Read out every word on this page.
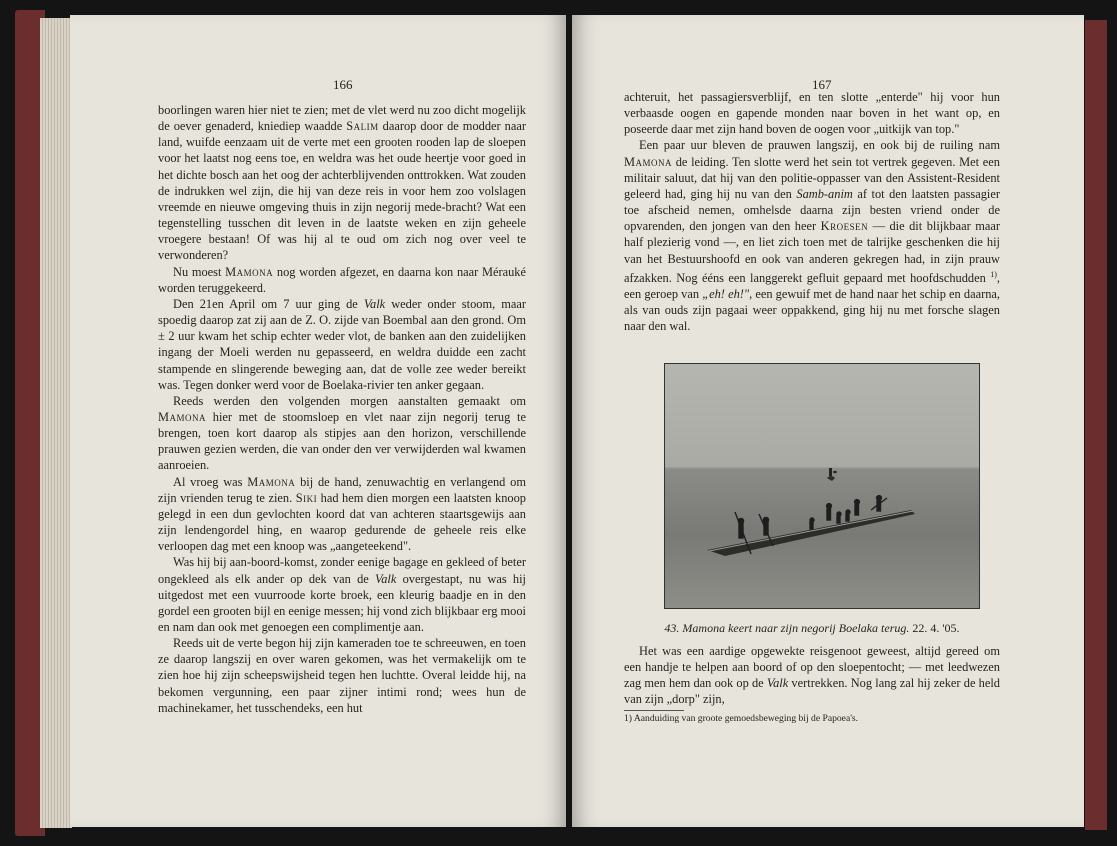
166

boorlingen waren hier niet te zien; met de vlet werd nu zoo dicht mogelijk de oever genaderd, kniediep waadde Salim daarop door de modder naar land, wuifde eenzaam uit de verte met een grooten rooden lap de sloepen voor het laatst nog eens toe, en weldra was het oude heertje voor goed in het dichte bosch aan het oog der achterblijvenden onttrokken. Wat zouden de indrukken wel zijn, die hij van deze reis in voor hem zoo volslagen vreemde en nieuwe omgeving thuis in zijn negorij mede-bracht? Wat een tegenstelling tusschen dit leven in de laatste weken en zijn geheele vroegere bestaan! Of was hij al te oud om zich nog over veel te verwonderen?

Nu moest Mamona nog worden afgezet, en daarna kon naar Mérauké worden teruggekeerd.

Den 21en April om 7 uur ging de Valk weder onder stoom, maar spoedig daarop zat zij aan de Z. O. zijde van Boembal aan den grond. Om ± 2 uur kwam het schip echter weder vlot, de banken aan den zuidelijken ingang der Moeli werden nu gepasseerd, en weldra duidde een zacht stampende en slingerende beweging aan, dat de volle zee weder bereikt was. Tegen donker werd voor de Boelaka-rivier ten anker gegaan.

Reeds werden den volgenden morgen aanstalten gemaakt om Mamona hier met de stoomsloep en vlet naar zijn negorij terug te brengen, toen kort daarop als stipjes aan den horizon, verschillende prauwen gezien werden, die van onder den ver verwijderden wal kwamen aanroeien.

Al vroeg was Mamona bij de hand, zenuwachtig en verlangend om zijn vrienden terug te zien. Siki had hem dien morgen een laatsten knoop gelegd in een dun gevlochten koord dat van achteren staartsgewijs aan zijn lendengordel hing, en waarop gedurende de geheele reis elke verloopen dag met een knoop was „aangeteekend".

Was hij bij aan-boord-komst, zonder eenige bagage en gekleed of beter ongekleed als elk ander op dek van de Valk overgestapt, nu was hij uitgedost met een vuurroode korte broek, een kleurig baadje en in den gordel een grooten bijl en eenige messen; hij vond zich blijkbaar erg mooi en nam dan ook met genoegen een complimentje aan.

Reeds uit de verte begon hij zijn kameraden toe te schreeuwen, en toen ze daarop langszij en over waren gekomen, was het vermakelijk om te zien hoe hij zijn scheepswijsheid tegen hen luchtte. Overal leidde hij, na bekomen vergunning, een paar zijner intimi rond; wees hun de machinekamer, het tusschendeks, een hut

167

achteruit, het passagiersverblijf, en ten slotte „enterde" hij voor hun verbaasde oogen en gapende monden naar boven in het want op, en poseerde daar met zijn hand boven de oogen voor „uitkijk van top."

Een paar uur bleven de prauwen langszij, en ook bij de ruiling nam Mamona de leiding. Ten slotte werd het sein tot vertrek gegeven. Met een militair saluut, dat hij van den politie-oppasser van den Assistent-Resident geleerd had, ging hij nu van den Samb-anim af tot den laatsten passagier toe afscheid nemen, omhelsde daarna zijn besten vriend onder de opvarenden, den jongen van den heer Kroesen — die dit blijkbaar maar half plezierig vond —, en liet zich toen met de talrijke geschenken die hij van het Bestuurshoofd en ook van anderen gekregen had, in zijn prauw afzakken. Nog ééns een langgerekt gefluit gepaard met hoofdschudden $^{1)}$, een geroep van „eh! eh!", een gewuif met de hand naar het schip en daarna, als van ouds zijn pagaai weer oppakkend, ging hij nu met forsche slagen naar den wal.

43. Mamona keert naar zijn negorij Boelaka terug. 22. 4. '05.

Het was een aardige opgewekte reisgenoot geweest, altijd gereed om een handje te helpen aan boord of op den sloepentocht; — met leedwezen zag men hem dan ook op de Valk vertrekken. Nog lang zal hij zeker de held van zijn „dorp" zijn,

1) Aanduiding van groote gemoedsbeweging bij de Papoea's.
